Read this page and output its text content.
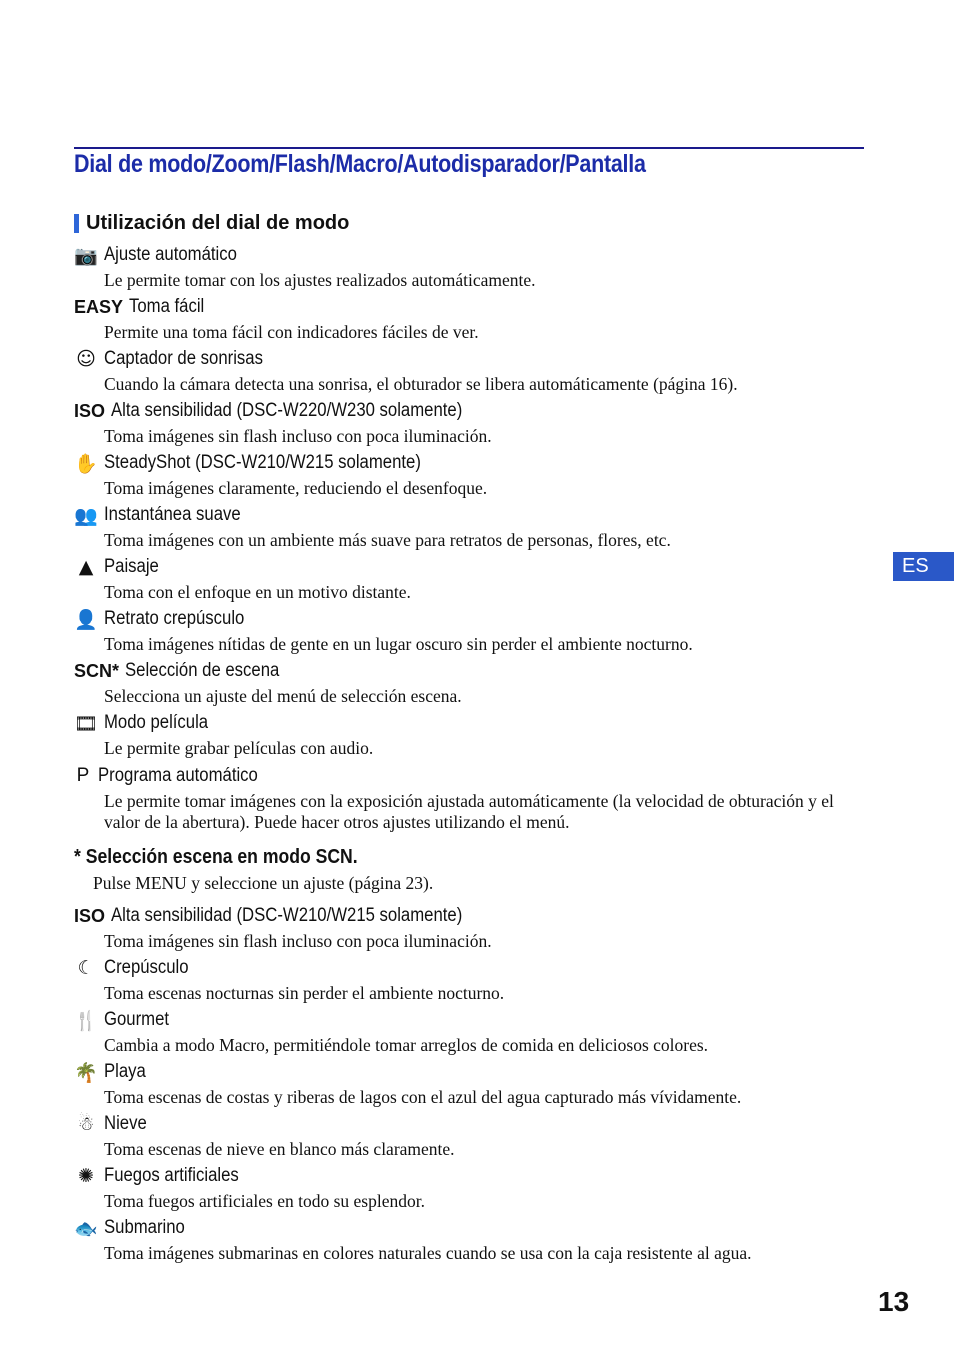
Dial de modo/Zoom/Flash/Macro/Autodisparador/Pantalla
Utilización del dial de modo
📷 Ajuste automático
Le permite tomar con los ajustes realizados automáticamente.
EASY Toma fácil
Permite una toma fácil con indicadores fáciles de ver.
☺ Captador de sonrisas
Cuando la cámara detecta una sonrisa, el obturador se libera automáticamente (página 16).
ISO Alta sensibilidad (DSC-W220/W230 solamente)
Toma imágenes sin flash incluso con poca iluminación.
✋ SteadyShot (DSC-W210/W215 solamente)
Toma imágenes claramente, reduciendo el desenfoque.
👥 Instantánea suave
Toma imágenes con un ambiente más suave para retratos de personas, flores, etc.
▲ Paisaje
Toma con el enfoque en un motivo distante.
👤 Retrato crepúsculo
Toma imágenes nítidas de gente en un lugar oscuro sin perder el ambiente nocturno.
SCN* Selección de escena
Selecciona un ajuste del menú de selección escena.
🎞 Modo película
Le permite grabar películas con audio.
P Programa automático
Le permite tomar imágenes con la exposición ajustada automáticamente (la velocidad de obturación y el valor de la abertura). Puede hacer otros ajustes utilizando el menú.
* Selección escena en modo SCN.
Pulse MENU y seleccione un ajuste (página 23).
ISO Alta sensibilidad (DSC-W210/W215 solamente)
Toma imágenes sin flash incluso con poca iluminación.
☾ Crepúsculo
Toma escenas nocturnas sin perder el ambiente nocturno.
🍴 Gourmet
Cambia a modo Macro, permitiéndole tomar arreglos de comida en deliciosos colores.
🌴 Playa
Toma escenas de costas y riberas de lagos con el azul del agua capturado más vívidamente.
☃ Nieve
Toma escenas de nieve en blanco más claramente.
✺ Fuegos artificiales
Toma fuegos artificiales en todo su esplendor.
🐟 Submarino
Toma imágenes submarinas en colores naturales cuando se usa con la caja resistente al agua.
ES
13
